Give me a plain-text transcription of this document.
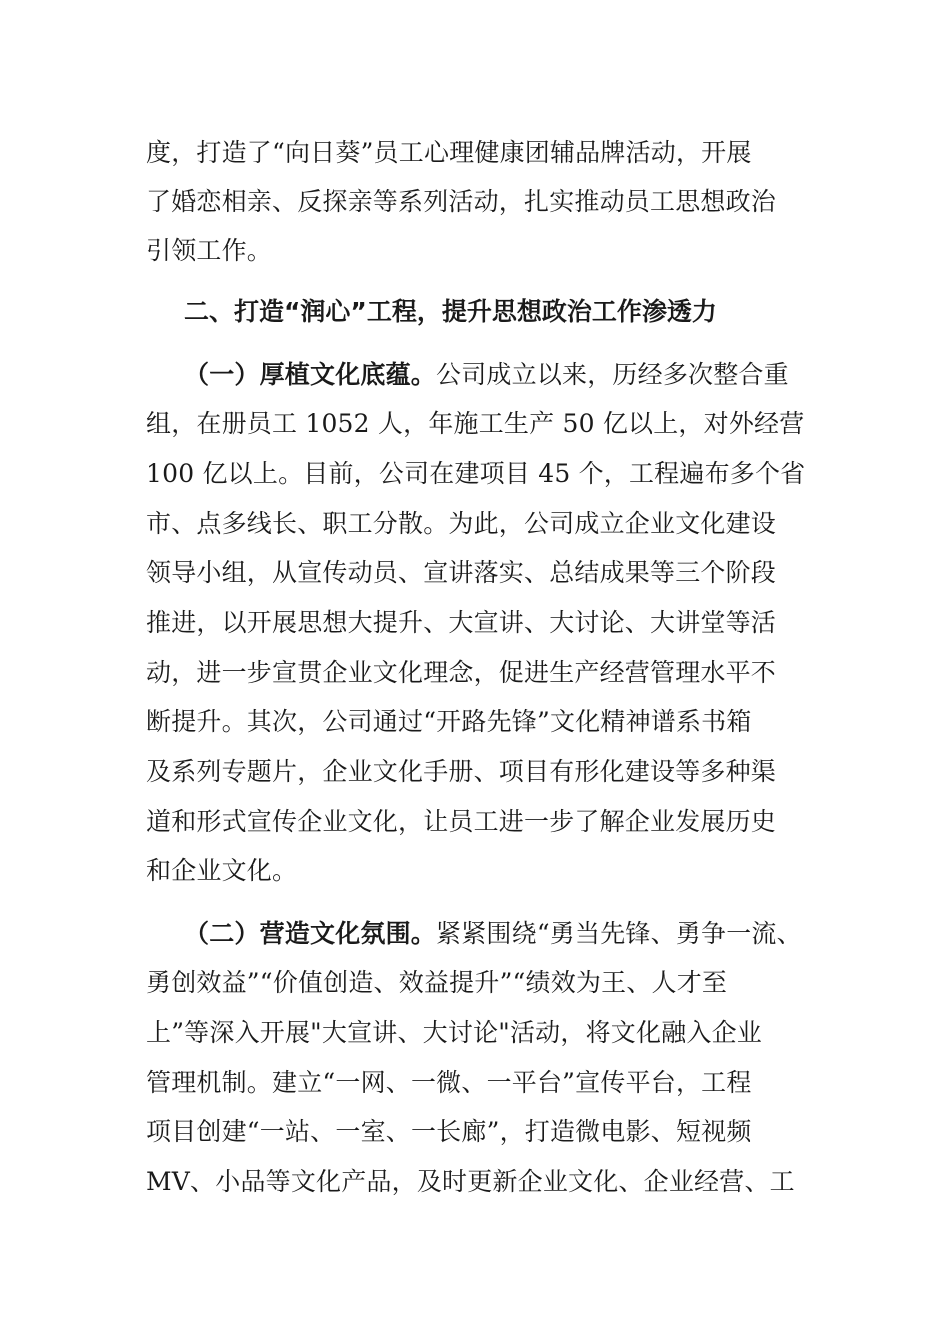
度，打造了“向日葵”员工心理健康团辅品牌活动，开展
了婚恋相亲、反探亲等系列活动，扎实推动员工思想政治
引领工作。
二、打造“润心”工程，提升思想政治工作渗透力
（一）厚植文化底蕴。公司成立以来，历经多次整合重
组，在册员工 1052 人，年施工生产 50 亿以上，对外经营
100 亿以上。目前，公司在建项目 45 个，工程遍布多个省
市、点多线长、职工分散。为此，公司成立企业文化建设
领导小组，从宣传动员、宣讲落实、总结成果等三个阶段
推进，以开展思想大提升、大宣讲、大讨论、大讲堂等活
动，进一步宣贯企业文化理念，促进生产经营管理水平不
断提升。其次，公司通过“开路先锋”文化精神谱系书箱
及系列专题片，企业文化手册、项目有形化建设等多种渠
道和形式宣传企业文化，让员工进一步了解企业发展历史
和企业文化。
（二）营造文化氛围。紧紧围绕“勇当先锋、勇争一流、
勇创效益”“价值创造、效益提升”“绩效为王、人才至
上”等深入开展"大宣讲、大讨论"活动，将文化融入企业
管理机制。建立“一网、一微、一平台”宣传平台，工程
项目创建“一站、一室、一长廊”，打造微电影、短视频
MV、小品等文化产品，及时更新企业文化、企业经营、工
